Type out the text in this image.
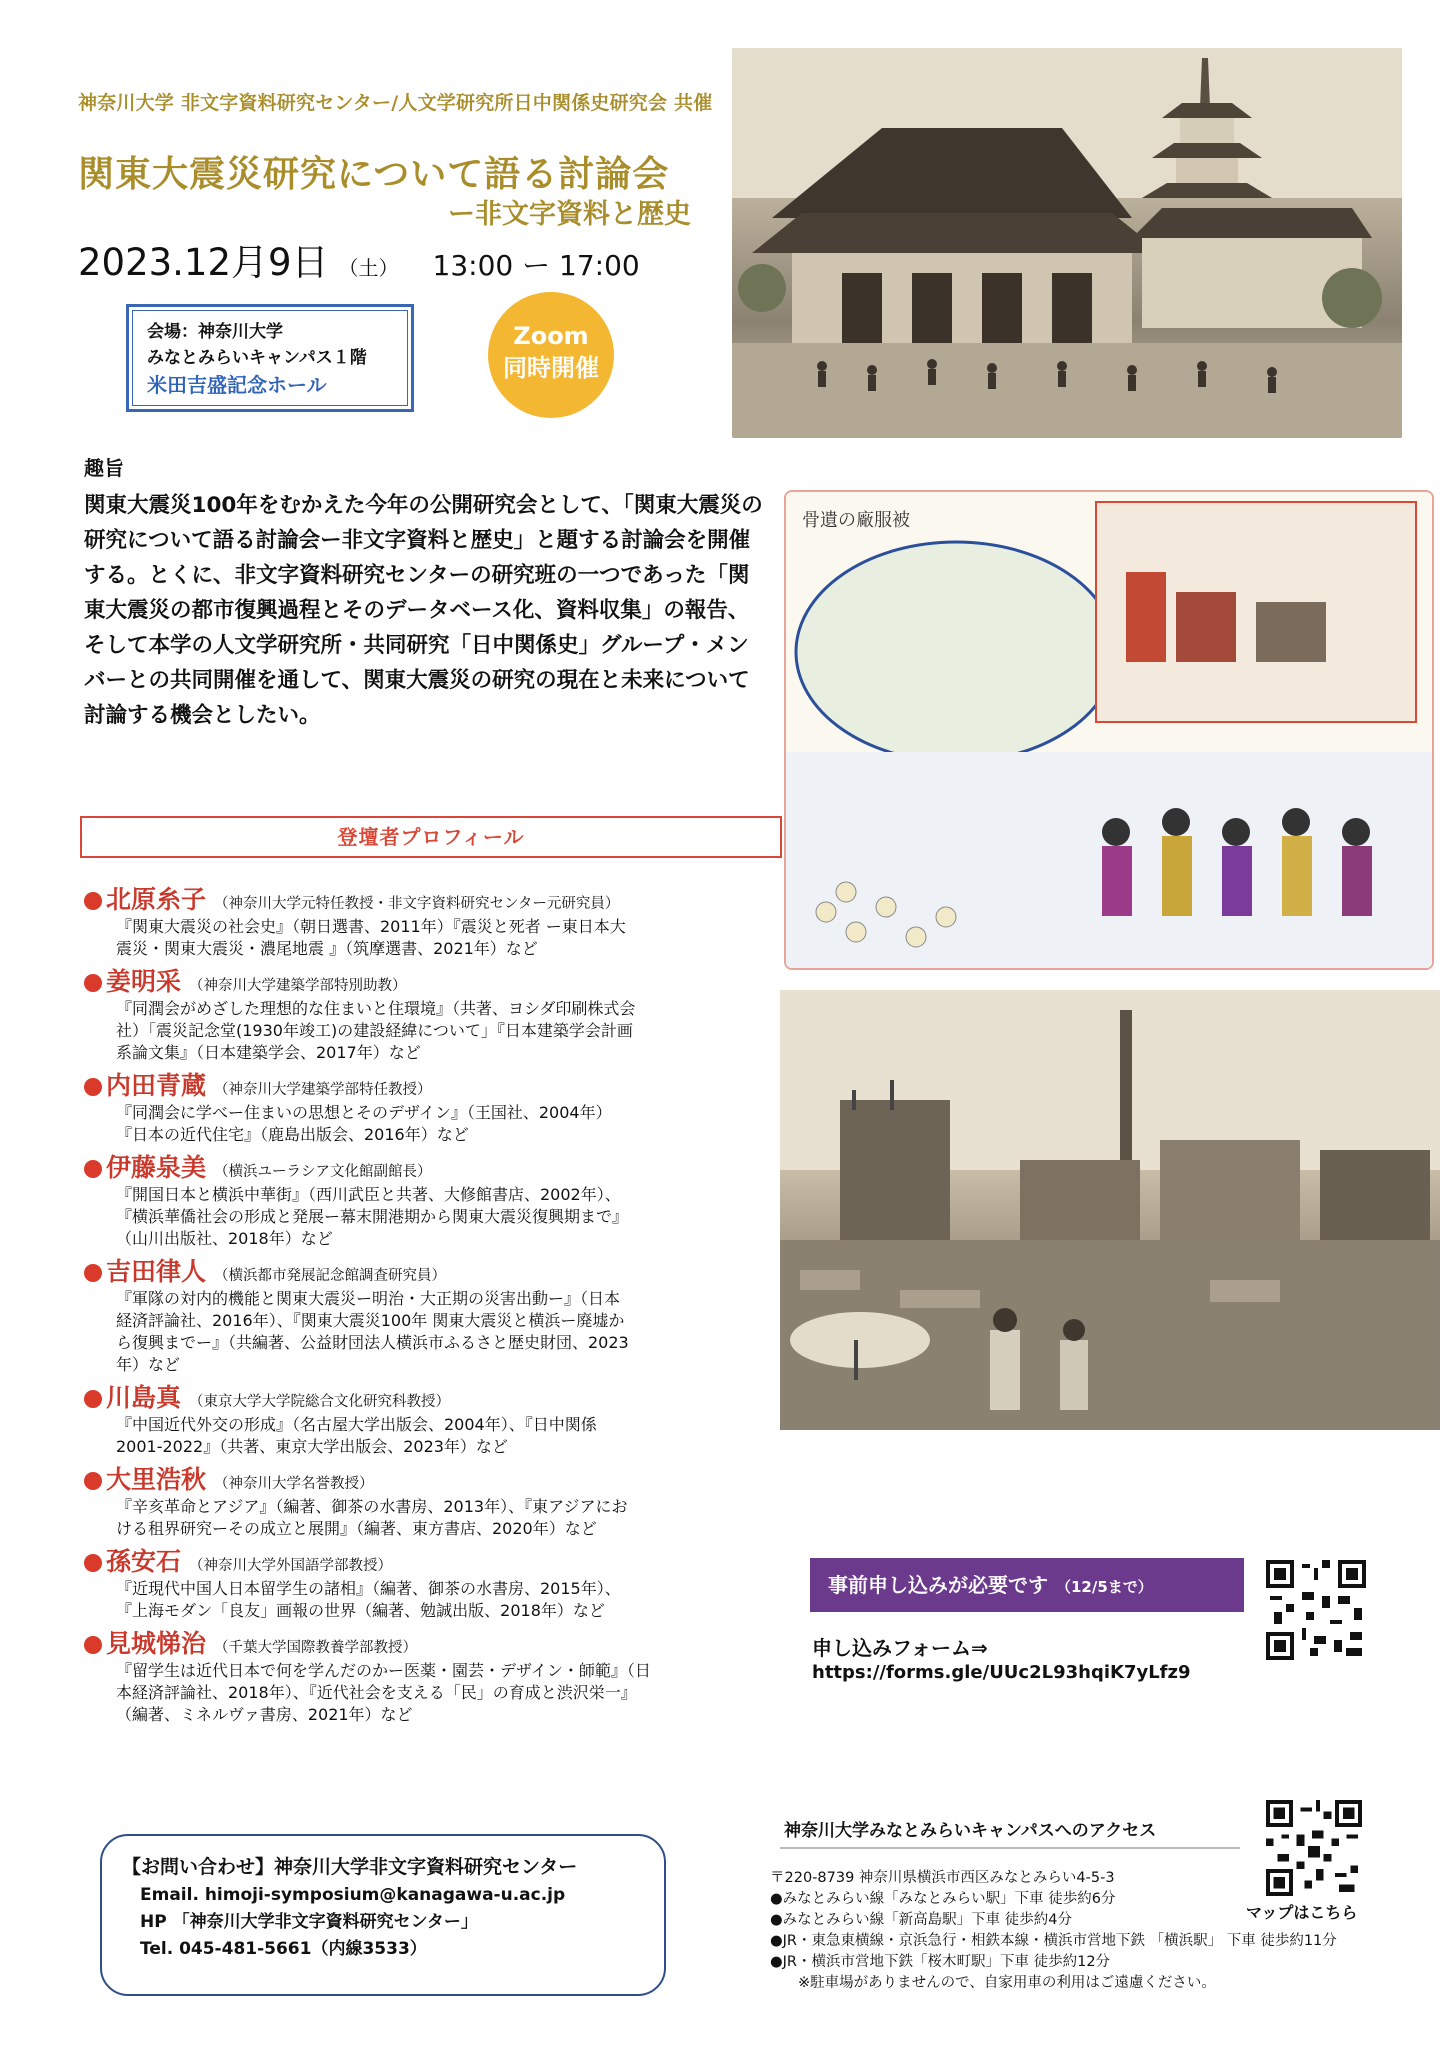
神奈川大学 非文字資料研究センター/人文学研究所日中関係史研究会 共催
関東大震災研究について語る討論会
ー非文字資料と歴史
2023.12月9日 （土） 13:00 ー 17:00
会場：神奈川大学
みなとみらいキャンパス１階
米田吉盛記念ホール
Zoom
同時開催
趣旨
関東大震災100年をむかえた今年の公開研究会として、「関東大震災の研究について語る討論会ー非文字資料と歴史」と題する討論会を開催する。とくに、非文字資料研究センターの研究班の一つであった「関東大震災の都市復興過程とそのデータベース化、資料収集」の報告、そして本学の人文学研究所・共同研究「日中関係史」グループ・メンバーとの共同開催を通して、関東大震災の研究の現在と未来について討論する機会としたい。
骨遺の廠服被
登壇者プロフィール
北原糸子 （神奈川大学元特任教授・非文字資料研究センター元研究員）
『関東大震災の社会史』（朝日選書、2011年）『震災と死者 ー東日本大
震災・関東大震災・濃尾地震 』（筑摩選書、2021年）など
姜明采 （神奈川大学建築学部特別助教）
『同潤会がめざした理想的な住まいと住環境』（共著、ヨシダ印刷株式会
社）「震災記念堂(1930年竣工)の建設経緯について」『日本建築学会計画
系論文集』（日本建築学会、2017年）など
内田青蔵 （神奈川大学建築学部特任教授）
『同潤会に学べー住まいの思想とそのデザイン』（王国社、2004年）
『日本の近代住宅』（鹿島出版会、2016年）など
伊藤泉美 （横浜ユーラシア文化館副館長）
『開国日本と横浜中華街』（西川武臣と共著、大修館書店、2002年）、
『横浜華僑社会の形成と発展ー幕末開港期から関東大震災復興期まで』
（山川出版社、2018年）など
吉田律人 （横浜都市発展記念館調査研究員）
『軍隊の対内的機能と関東大震災ー明治・大正期の災害出動ー』（日本
経済評論社、2016年）、『関東大震災100年 関東大震災と横浜ー廃墟か
ら復興までー』（共編著、公益財団法人横浜市ふるさと歴史財団、2023
年）など
川島真 （東京大学大学院総合文化研究科教授）
『中国近代外交の形成』（名古屋大学出版会、2004年）、『日中関係
2001-2022』（共著、東京大学出版会、2023年）など
大里浩秋 （神奈川大学名誉教授）
『辛亥革命とアジア』（編著、御茶の水書房、2013年）、『東アジアにお
ける租界研究ーその成立と展開』（編著、東方書店、2020年）など
孫安石 （神奈川大学外国語学部教授）
『近現代中国人日本留学生の諸相』（編著、御茶の水書房、2015年）、
『上海モダン「良友」画報の世界（編著、勉誠出版、2018年）など
見城悌治 （千葉大学国際教養学部教授）
『留学生は近代日本で何を学んだのかー医薬・園芸・デザイン・師範』（日
本経済評論社、2018年）、『近代社会を支える「民」の育成と渋沢栄一』
（編著、ミネルヴァ書房、2021年）など
事前申し込みが必要です （12/5まで）
申し込みフォーム⇒
https://forms.gle/UUc2L93hqiK7yLfz9
神奈川大学みなとみらいキャンパスへのアクセス
〒220-8739 神奈川県横浜市西区みなとみらい4-5-3
●みなとみらい線「みなとみらい駅」下車 徒歩約6分
●みなとみらい線「新高島駅」下車 徒歩約4分
●JR・東急東横線・京浜急行・相鉄本線・横浜市営地下鉄 「横浜駅」 下車 徒歩約11分
●JR・横浜市営地下鉄「桜木町駅」下車 徒歩約12分
※駐車場がありませんので、自家用車の利用はご遠慮ください。
マップはこちら
【お問い合わせ】神奈川大学非文字資料研究センター
Email. himoji-symposium@kanagawa-u.ac.jp
HP 「神奈川大学非文字資料研究センター」
Tel. 045-481-5661（内線3533）
